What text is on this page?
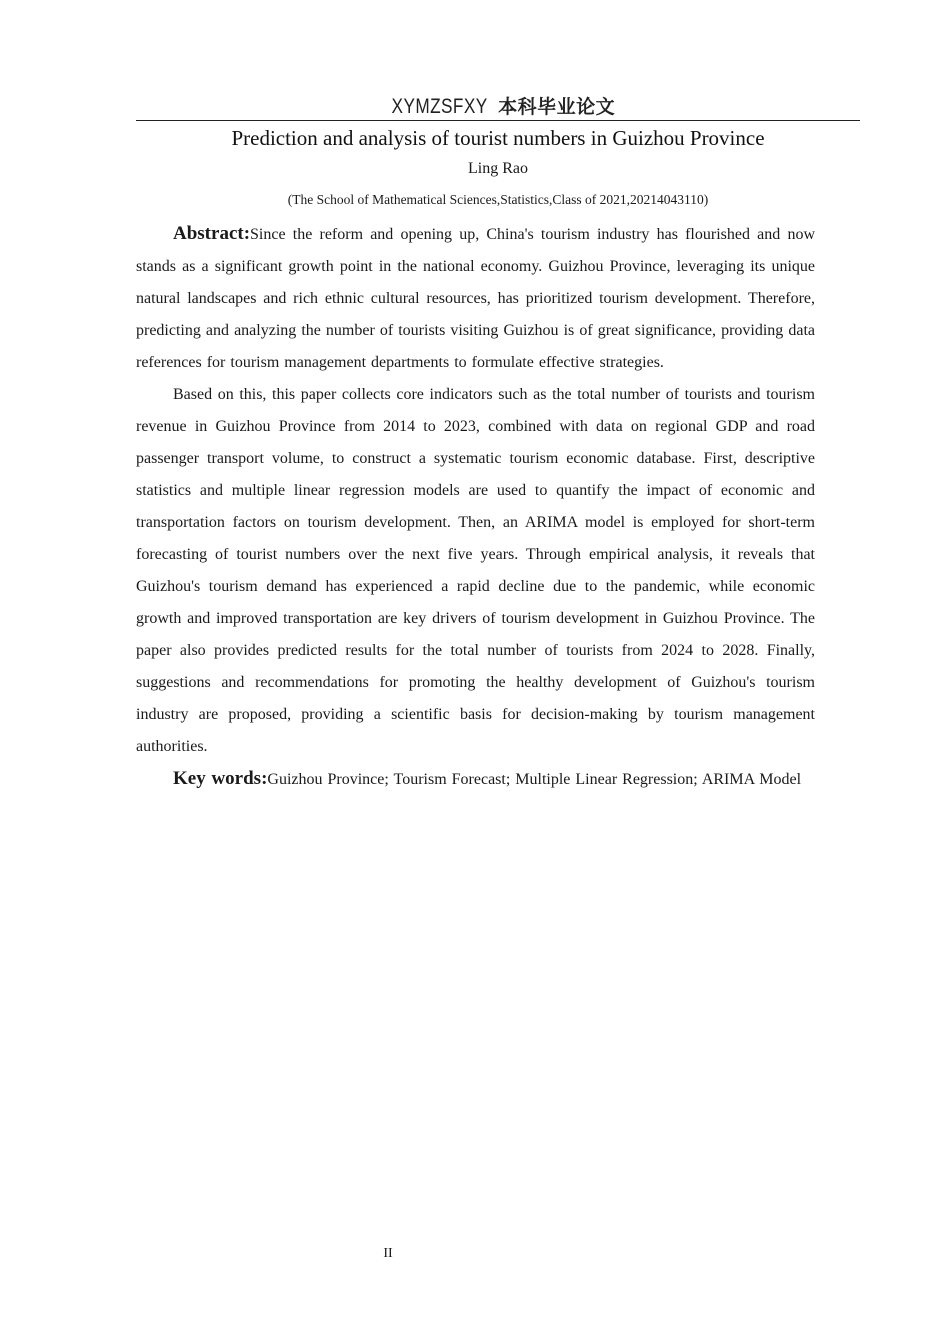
XYMZSFXY 本科毕业论文
Prediction and analysis of tourist numbers in Guizhou Province
Ling Rao
(The School of Mathematical Sciences,Statistics,Class of 2021,20214043110)

Abstract:Since the reform and opening up, China's tourism industry has flourished and now stands as a significant growth point in the national economy. Guizhou Province, leveraging its unique natural landscapes and rich ethnic cultural resources, has prioritized tourism development. Therefore, predicting and analyzing the number of tourists visiting Guizhou is of great significance, providing data references for tourism management departments to formulate effective strategies.

Based on this, this paper collects core indicators such as the total number of tourists and tourism revenue in Guizhou Province from 2014 to 2023, combined with data on regional GDP and road passenger transport volume, to construct a systematic tourism economic database. First, descriptive statistics and multiple linear regression models are used to quantify the impact of economic and transportation factors on tourism development. Then, an ARIMA model is employed for short-term forecasting of tourist numbers over the next five years. Through empirical analysis, it reveals that Guizhou's tourism demand has experienced a rapid decline due to the pandemic, while economic growth and improved transportation are key drivers of tourism development in Guizhou Province. The paper also provides predicted results for the total number of tourists from 2024 to 2028. Finally, suggestions and recommendations for promoting the healthy development of Guizhou's tourism industry are proposed, providing a scientific basis for decision-making by tourism management authorities.

Key words:Guizhou Province; Tourism Forecast; Multiple Linear Regression; ARIMA Model

II
